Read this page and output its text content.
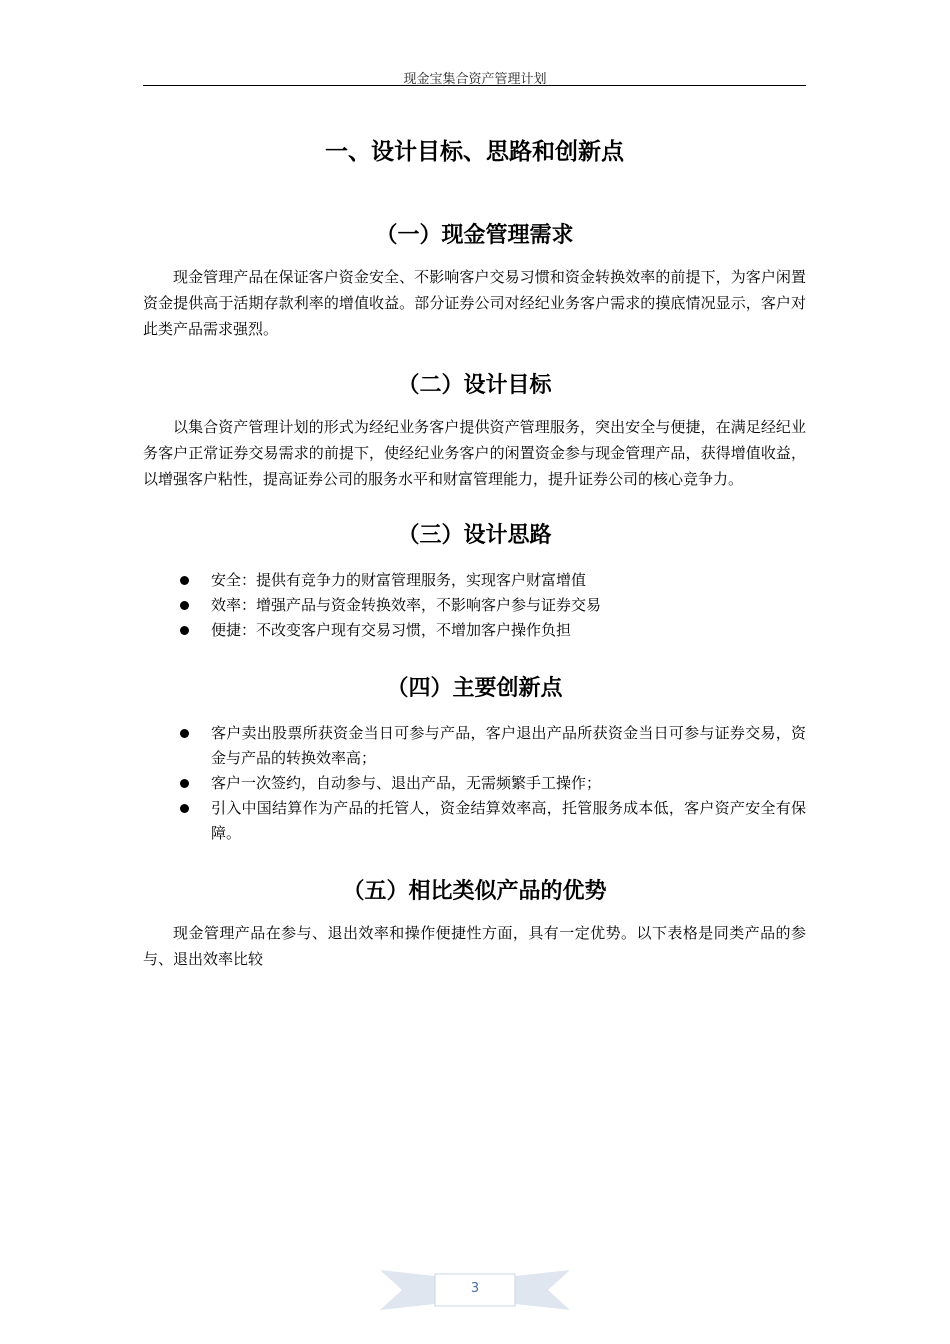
现金宝集合资产管理计划
一、设计目标、思路和创新点
（一）现金管理需求

现金管理产品在保证客户资金安全、不影响客户交易习惯和资金转换效率的前提下，为客户闲置资金提供高于活期存款利率的增值收益。部分证券公司对经纪业务客户需求的摸底情况显示，客户对此类产品需求强烈。

（二）设计目标

以集合资产管理计划的形式为经纪业务客户提供资产管理服务，突出安全与便捷，在满足经纪业务客户正常证券交易需求的前提下，使经纪业务客户的闲置资金参与现金管理产品，获得增值收益，以增强客户粘性，提高证券公司的服务水平和财富管理能力，提升证券公司的核心竞争力。

（三）设计思路
安全：提供有竞争力的财富管理服务，实现客户财富增值
效率：增强产品与资金转换效率，不影响客户参与证券交易
便捷：不改变客户现有交易习惯，不增加客户操作负担
（四）主要创新点
客户卖出股票所获资金当日可参与产品，客户退出产品所获资金当日可参与证券交易，资金与产品的转换效率高；
客户一次签约，自动参与、退出产品，无需频繁手工操作；
引入中国结算作为产品的托管人，资金结算效率高，托管服务成本低，客户资产安全有保障。
（五）相比类似产品的优势

现金管理产品在参与、退出效率和操作便捷性方面，具有一定优势。以下表格是同类产品的参与、退出效率比较

3
